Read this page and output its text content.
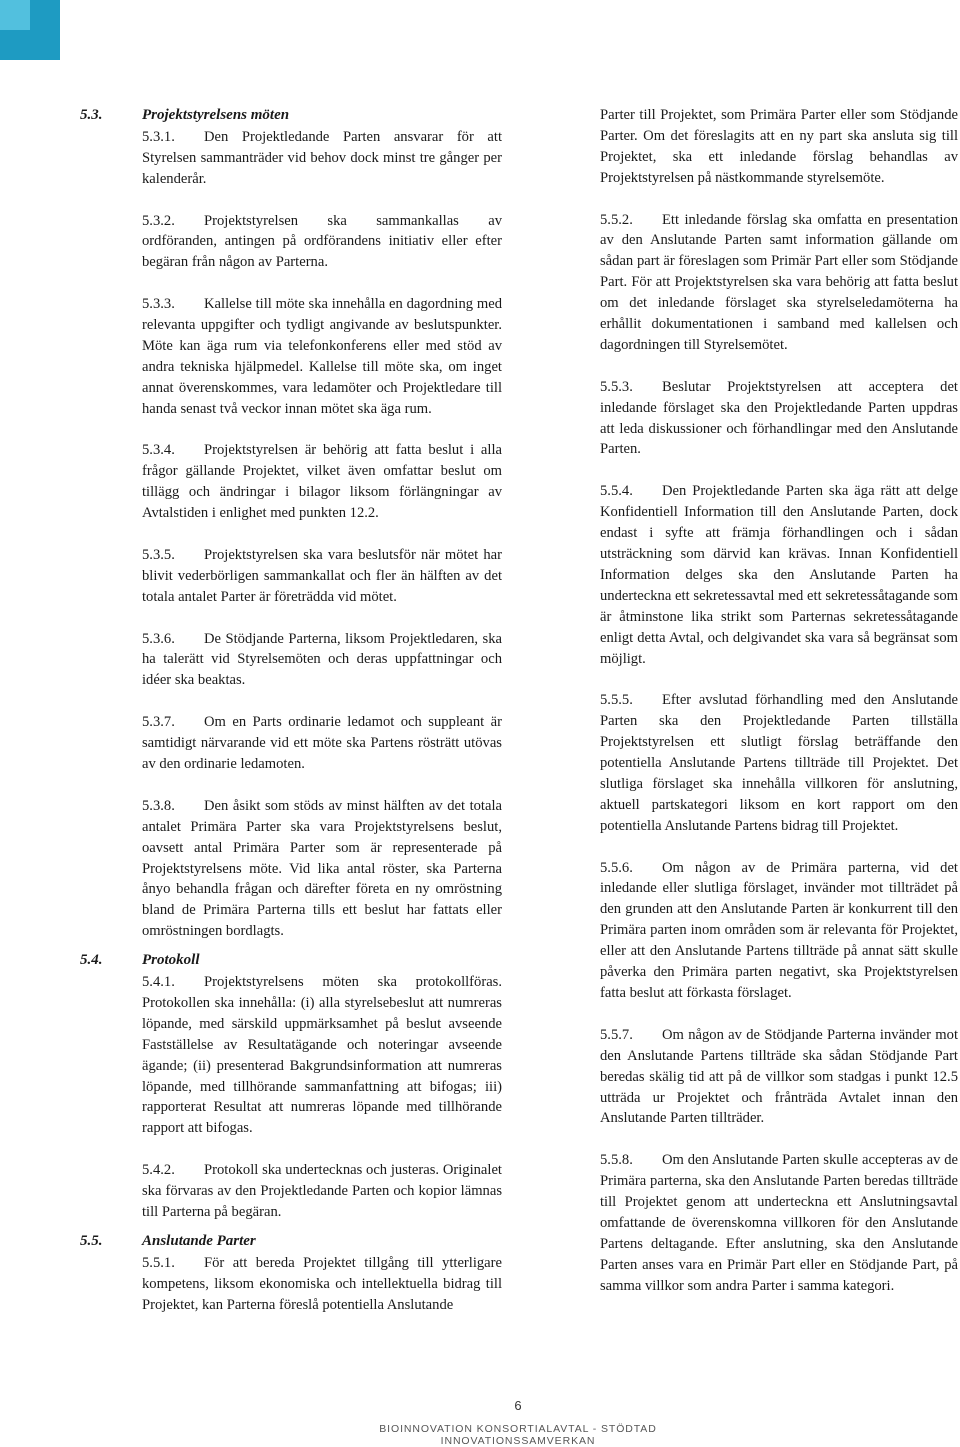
5.3.	Projektstyrelsens möten
5.3.1. Den Projektledande Parten ansvarar för att Styrelsen sammanträder vid behov dock minst tre gånger per kalenderår.
5.3.2. Projektstyrelsen ska sammankallas av ordföranden, antingen på ordförandens initiativ eller efter begäran från någon av Parterna.
5.3.3. Kallelse till möte ska innehålla en dagordning med relevanta uppgifter och tydligt angivande av beslutspunkter. Möte kan äga rum via telefonkonferens eller med stöd av andra tekniska hjälpmedel. Kallelse till möte ska, om inget annat överenskommes, vara ledamöter och Projektledare till handa senast två veckor innan mötet ska äga rum.
5.3.4. Projektstyrelsen är behörig att fatta beslut i alla frågor gällande Projektet, vilket även omfattar beslut om tillägg och ändringar i bilagor liksom förlängningar av Avtalstiden i enlighet med punkten 12.2.
5.3.5. Projektstyrelsen ska vara beslutsför när mötet har blivit vederbörligen sammankallat och fler än hälften av det totala antalet Parter är företrädda vid mötet.
5.3.6. De Stödjande Parterna, liksom Projektledaren, ska ha talerätt vid Styrelsemöten och deras uppfattningar och idéer ska beaktas.
5.3.7. Om en Parts ordinarie ledamot och suppleant är samtidigt närvarande vid ett möte ska Partens rösträtt utövas av den ordinarie ledamoten.
5.3.8. Den åsikt som stöds av minst hälften av det totala antalet Primära Parter ska vara Projektstyrelsens beslut, oavsett antal Primära Parter som är representerade på Projektstyrelsens möte. Vid lika antal röster, ska Parterna ånyo behandla frågan och därefter företa en ny omröstning bland de Primära Parterna tills ett beslut har fattats eller omröstningen bordlagts.
5.4.	Protokoll
5.4.1. Projektstyrelsens möten ska protokollföras. Protokollen ska innehålla: (i) alla styrelsebeslut att numreras löpande, med särskild uppmärksamhet på beslut avseende Fastställelse av Resultatägande och noteringar avseende ägande; (ii) presenterad Bakgrundsinformation att numreras löpande, med tillhörande sammanfattning att bifogas; iii) rapporterat Resultat att numreras löpande med tillhörande rapport att bifogas.
5.4.2. Protokoll ska undertecknas och justeras. Originalet ska förvaras av den Projektledande Parten och kopior lämnas till Parterna på begäran.
5.5.	Anslutande Parter
5.5.1. För att bereda Projektet tillgång till ytterligare kompetens, liksom ekonomiska och intellektuella bidrag till Projektet, kan Parterna föreslå potentiella Anslutande
Parter till Projektet, som Primära Parter eller som Stödjande Parter. Om det föreslagits att en ny part ska ansluta sig till Projektet, ska ett inledande förslag behandlas av Projektstyrelsen på nästkommande styrelsemöte.
5.5.2. Ett inledande förslag ska omfatta en presentation av den Anslutande Parten samt information gällande om sådan part är föreslagen som Primär Part eller som Stödjande Part. För att Projektstyrelsen ska vara behörig att fatta beslut om det inledande förslaget ska styrelseledamöterna ha erhållit dokumentationen i samband med kallelsen och dagordningen till Styrelsemötet.
5.5.3. Beslutar Projektstyrelsen att acceptera det inledande förslaget ska den Projektledande Parten uppdras att leda diskussioner och förhandlingar med den Anslutande Parten.
5.5.4. Den Projektledande Parten ska äga rätt att delge Konfidentiell Information till den Anslutande Parten, dock endast i syfte att främja förhandlingen och i sådan utsträckning som därvid kan krävas. Innan Konfidentiell Information delges ska den Anslutande Parten ha underteckna ett sekretessavtal med ett sekretessåtagande som är åtminstone lika strikt som Parternas sekretessåtagande enligt detta Avtal, och delgivandet ska vara så begränsat som möjligt.
5.5.5. Efter avslutad förhandling med den Anslutande Parten ska den Projektledande Parten tillställa Projektstyrelsen ett slutligt förslag beträffande den potentiella Anslutande Partens tillträde till Projektet. Det slutliga förslaget ska innehålla villkoren för anslutning, aktuell partskategori liksom en kort rapport om den potentiella Anslutande Partens bidrag till Projektet.
5.5.6. Om någon av de Primära parterna, vid det inledande eller slutliga förslaget, invänder mot tillträdet på den grunden att den Anslutande Parten är konkurrent till den Primära parten inom områden som är relevanta för Projektet, eller att den Anslutande Partens tillträde på annat sätt skulle påverka den Primära parten negativt, ska Projektstyrelsen fatta beslut att förkasta förslaget.
5.5.7. Om någon av de Stödjande Parterna invänder mot den Anslutande Partens tillträde ska sådan Stödjande Part beredas skälig tid att på de villkor som stadgas i punkt 12.5 utträda ur Projektet och frånträda Avtalet innan den Anslutande Parten tillträder.
5.5.8. Om den Anslutande Parten skulle accepteras av de Primära parterna, ska den Anslutande Parten beredas tillträde till Projektet genom att underteckna ett Anslutningsavtal omfattande de överenskomna villkoren för den Anslutande Partens deltagande. Efter anslutning, ska den Anslutande Parten anses vara en Primär Part eller en Stödjande Part, på samma villkor som andra Parter i samma kategori.
6
BIOINNOVATION KONSORTIALAVTAL - STÖDTAD INNOVATIONSSAMVERKAN
